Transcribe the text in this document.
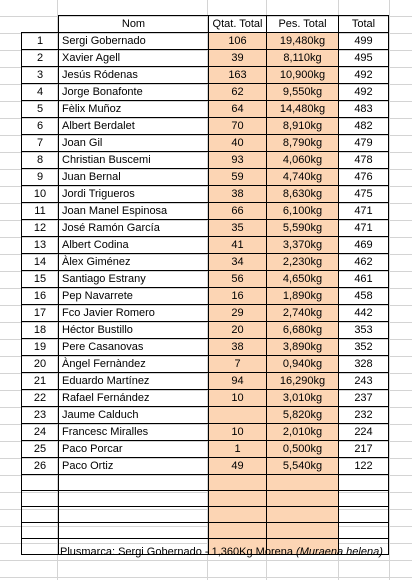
	Nom	Qtat. Total	Pes. Total	Total
1	Sergi Gobernado	106	19,480kg	499
2	Xavier Agell	39	8,110kg	495
3	Jesús Ródenas	163	10,900kg	492
4	Jorge Bonafonte	62	9,550kg	492
5	Fèlix Muñoz	64	14,480kg	483
6	Albert Berdalet	70	8,910kg	482
7	Joan Gil	40	8,790kg	479
8	Christian Buscemi	93	4,060kg	478
9	Juan Bernal	59	4,740kg	476
10	Jordi Trigueros	38	8,630kg	475
11	Joan Manel Espinosa	66	6,100kg	471
12	José Ramón García	35	5,590kg	471
13	Albert Codina	41	3,370kg	469
14	Àlex Giménez	34	2,230kg	462
15	Santiago Estrany	56	4,650kg	461
16	Pep Navarrete	16	1,890kg	458
17	Fco Javier Romero	29	2,740kg	442
18	Héctor Bustillo	20	6,680kg	353
19	Pere Casanovas	38	3,890kg	352
20	Àngel Fernàndez	7	0,940kg	328
21	Eduardo Martínez	94	16,290kg	243
22	Rafael Fernández	10	3,010kg	237
23	Jaume Calduch		5,820kg	232
24	Francesc Miralles	10	2,010kg	224
25	Paco Porcar	1	0,500kg	217
26	Paco Ortiz	49	5,540kg	122

Plusmarca: Sergi Gobernado - 1,360Kg Morena (Muraena helena)
